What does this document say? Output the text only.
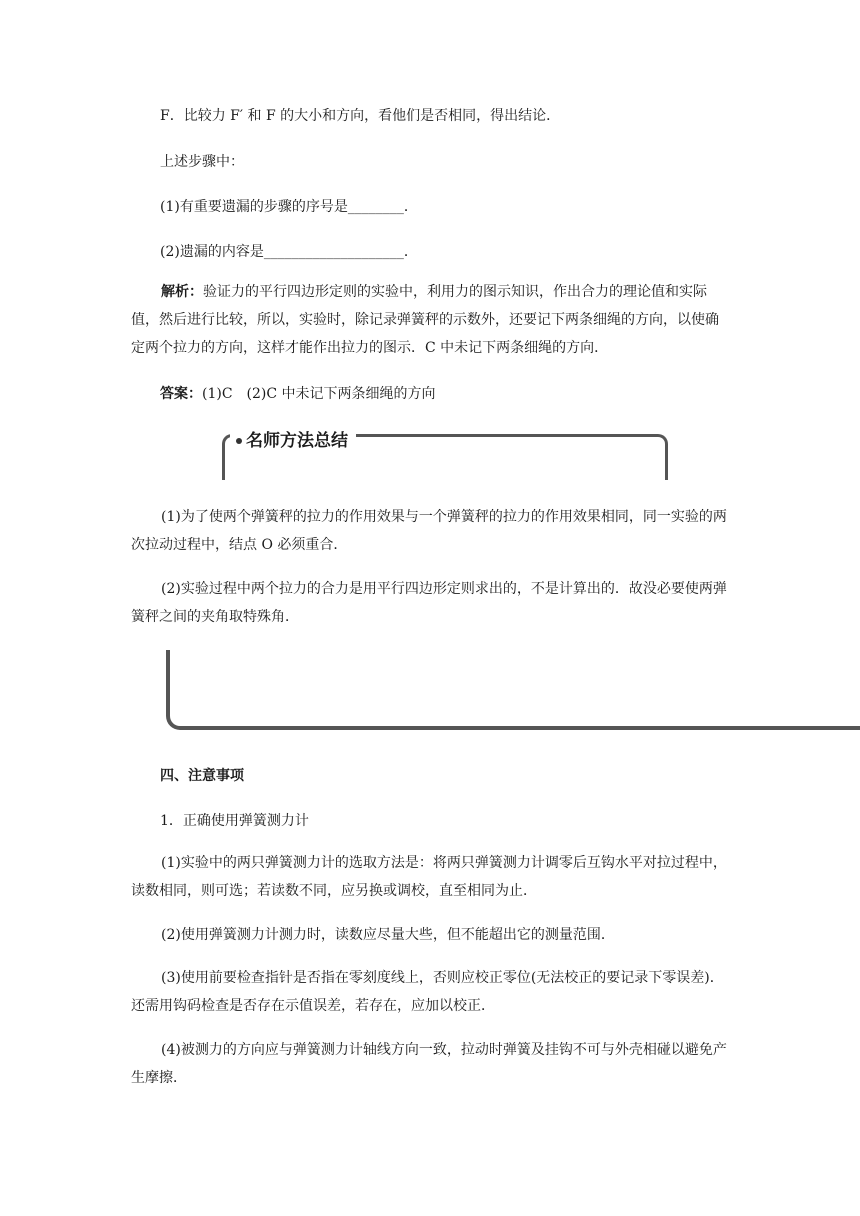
F．比较力 F′ 和 F 的大小和方向，看他们是否相同，得出结论．

上述步骤中：

(1)有重要遗漏的步骤的序号是________．

(2)遗漏的内容是____________________．

解析：验证力的平行四边形定则的实验中，利用力的图示知识，作出合力的理论值和实际值，然后进行比较，所以，实验时，除记录弹簧秤的示数外，还要记下两条细绳的方向，以使确定两个拉力的方向，这样才能作出拉力的图示．C 中未记下两条细绳的方向．

答案：(1)C　(2)C 中未记下两条细绳的方向

名师方法总结

(1)为了使两个弹簧秤的拉力的作用效果与一个弹簧秤的拉力的作用效果相同，同一实验的两次拉动过程中，结点 O 必须重合．

(2)实验过程中两个拉力的合力是用平行四边形定则求出的，不是计算出的．故没必要使两弹簧秤之间的夹角取特殊角．

四、注意事项

1．正确使用弹簧测力计

(1)实验中的两只弹簧测力计的选取方法是：将两只弹簧测力计调零后互钩水平对拉过程中，读数相同，则可选；若读数不同，应另换或调校，直至相同为止．

(2)使用弹簧测力计测力时，读数应尽量大些，但不能超出它的测量范围．

(3)使用前要检查指针是否指在零刻度线上，否则应校正零位(无法校正的要记录下零误差)．还需用钩码检查是否存在示值误差，若存在，应加以校正．

(4)被测力的方向应与弹簧测力计轴线方向一致，拉动时弹簧及挂钩不可与外壳相碰以避免产生摩擦．
